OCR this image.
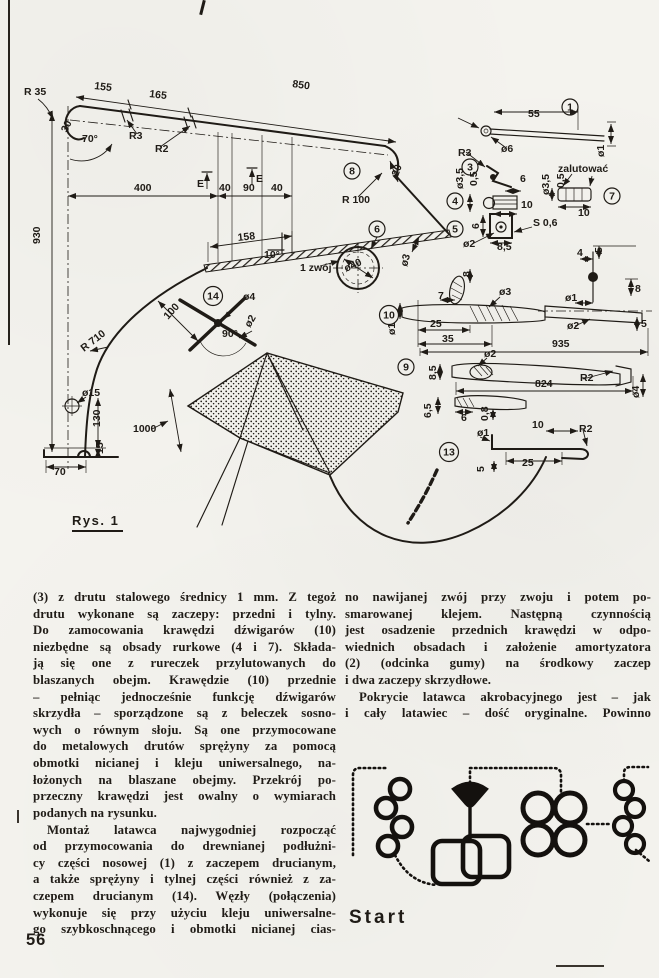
R 35	155
165
850
R3
R2
70°
30
400	40 90 40
E	E
930
20
R 100
158
10°
1 zwój ø40	ø3
100
ø4
ø2
90°
R 710
ø15
130
15
70
1000
55
ø6	ø1
R3
6
ø3,5 0,5
10
zalutować
ø3,5 0,5
10
6	S 0,6
ø2 8,5	4 5
8
ø1
ø2	5
7
8
ø3
ø1	25
35	935
8,5
ø2
824	R2
ø4
6,5	6 0,8
ø1
10	R2
25
5
1
3
4	7
5
8
6
14
10
9
13
Rys. 1
(3) z drutu stalowego średnicy 1 mm. Z tegoż
drutu wykonane są zaczepy: przedni i tylny.
Do zamocowania krawędzi dźwigarów (10)
niezbędne są obsady rurkowe (4 i 7). Składa-
ją się one z rureczek przylutowanych do
blaszanych obejm. Krawędzie (10) przednie
– pełniąc jednocześnie funkcję dźwigarów
skrzydła – sporządzone są z beleczek sosno-
wych o równym słoju. Są one przymocowane
do metalowych drutów sprężyny za pomocą
obmotki nicianej i kleju uniwersalnego, na-
łożonych na blaszane obejmy. Przekrój po-
przeczny krawędzi jest owalny o wymiarach
podanych na rysunku.
Montaż latawca najwygodniej rozpocząć
od przymocowania do drewnianej podłużni-
cy części nosowej (1) z zaczepem drucianym,
a także sprężyny i tylnej części również z za-
czepem drucianym (14). Węzły (połączenia)
wykonuje się przy użyciu kleju uniwersalne-
go szybkoschnącego i obmotki nicianej cias-
no nawijanej zwój przy zwoju i potem po-
smarowanej klejem. Następną czynnością
jest osadzenie przednich krawędzi w odpo-
wiednich obsadach i założenie amortyzatora
(2) (odcinka gumy) na środkowy zaczep
i dwa zaczepy skrzydłowe.
Pokrycie latawca akrobacyjnego jest – jak
i cały latawiec – dość oryginalne. Powinno
Start
56
